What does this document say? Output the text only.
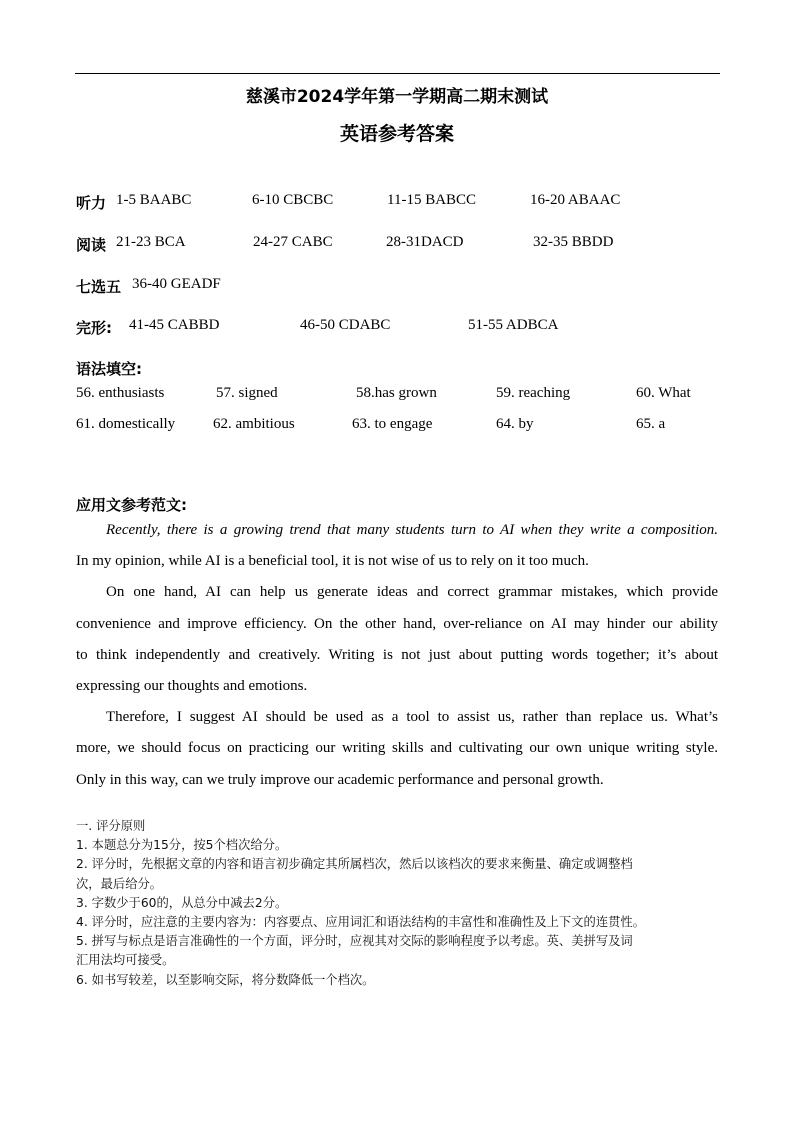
慈溪市2024学年第一学期高二期末测试
英语参考答案
听力 1-5 BAABC	6-10 CBCBC	11-15 BABCC	16-20 ABAAC
阅读 21-23 BCA	24-27 CABC	28-31DACD	32-35 BBDD
七选五 36-40 GEADF
完形: 41-45 CABBD	46-50 CDABC	51-55 ADBCA
语法填空:
56. enthusiasts	57. signed	58.has grown	59. reaching	60. What
61. domestically	62. ambitious	63. to engage	64. by	65. a
应用文参考范文:
Recently, there is a growing trend that many students turn to AI when they write a composition.
In my opinion, while AI is a beneficial tool, it is not wise of us to rely on it too much.
On one hand, AI can help us generate ideas and correct grammar mistakes, which provide
convenience and improve efficiency. On the other hand, over-reliance on AI may hinder our ability
to think independently and creatively. Writing is not just about putting words together; it’s about
expressing our thoughts and emotions.
Therefore, I suggest AI should be used as a tool to assist us, rather than replace us. What’s
more, we should focus on practicing our writing skills and cultivating our own unique writing style.
Only in this way, can we truly improve our academic performance and personal growth.
一. 评分原则
1. 本题总分为15分，按5个档次给分。
2. 评分时，先根据文章的内容和语言初步确定其所属档次，然后以该档次的要求来衡量、确定或调整档
次，最后给分。
3. 字数少于60的，从总分中减去2分。
4. 评分时，应注意的主要内容为：内容要点、应用词汇和语法结构的丰富性和准确性及上下文的连贯性。
5. 拼写与标点是语言准确性的一个方面，评分时，应视其对交际的影响程度予以考虑。英、美拼写及词
汇用法均可接受。
6. 如书写较差，以至影响交际，将分数降低一个档次。
